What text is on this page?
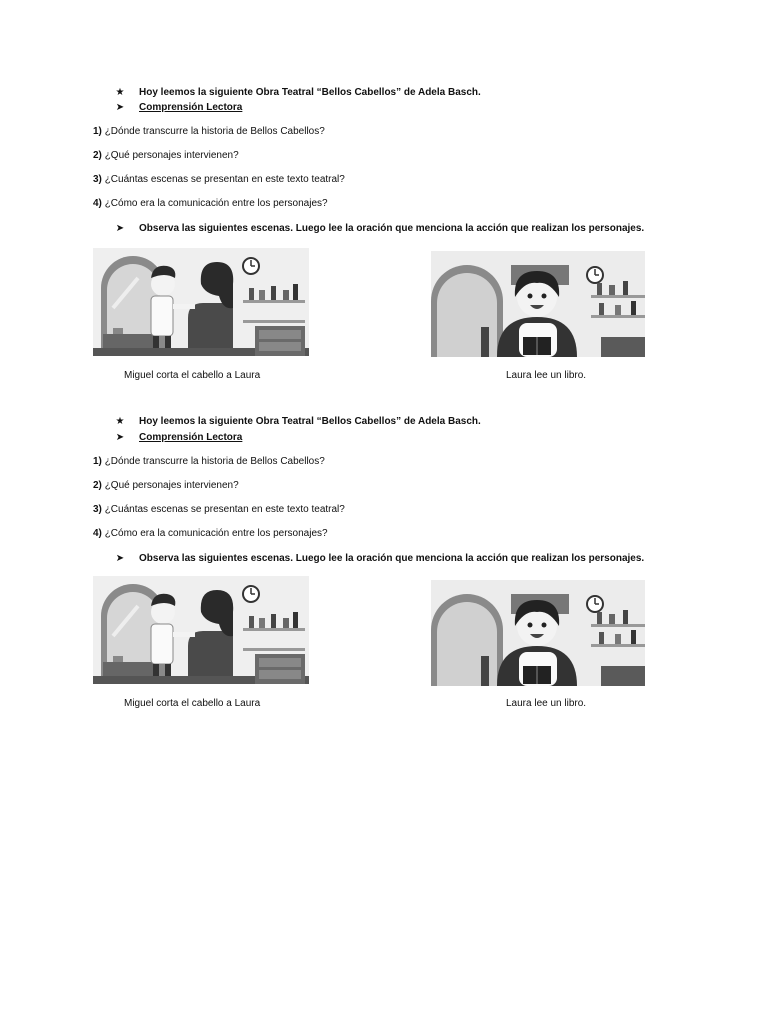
★ Hoy leemos la siguiente Obra Teatral “Bellos Cabellos” de Adela Basch.
➤ Comprensión Lectora
1) ¿Dónde transcurre la historia de Bellos Cabellos?
2) ¿Qué personajes intervienen?
3) ¿Cuántas escenas se presentan en este texto teatral?
4) ¿Cómo era la comunicación entre los personajes?
➤ Observa las siguientes escenas. Luego lee la oración que menciona la acción que realizan los personajes.
Miguel corta el cabello a Laura	Laura lee un libro.
★ Hoy leemos la siguiente Obra Teatral “Bellos Cabellos” de Adela Basch.
➤ Comprensión Lectora
1) ¿Dónde transcurre la historia de Bellos Cabellos?
2) ¿Qué personajes intervienen?
3) ¿Cuántas escenas se presentan en este texto teatral?
4) ¿Cómo era la comunicación entre los personajes?
➤ Observa las siguientes escenas. Luego lee la oración que menciona la acción que realizan los personajes.
Miguel corta el cabello a Laura	Laura lee un libro.
